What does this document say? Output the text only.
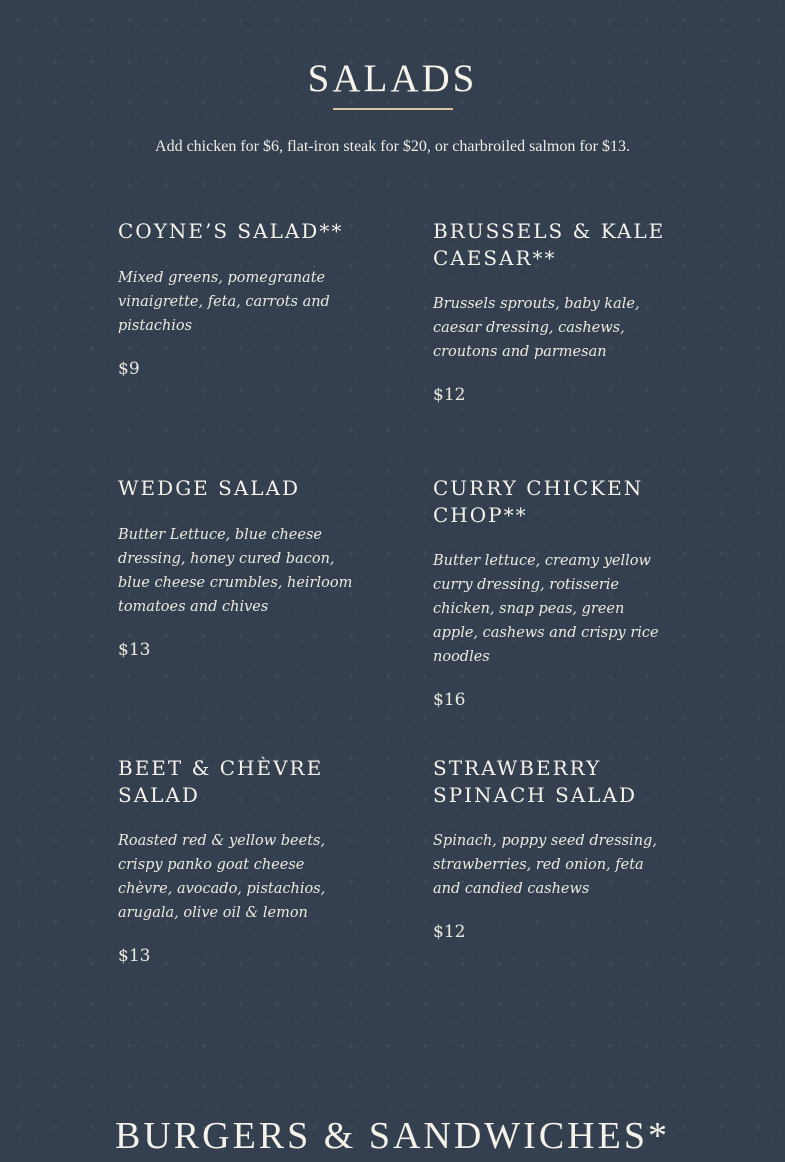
SALADS

Add chicken for $6, flat-iron steak for $20, or charbroiled salmon for $13.

COYNE’S SALAD**

Mixed greens, pomegranate vinaigrette, feta, carrots and pistachios

$9

BRUSSELS & KALE CAESAR**

Brussels sprouts, baby kale, caesar dressing, cashews, croutons and parmesan

$12

WEDGE SALAD

Butter Lettuce, blue cheese dressing, honey cured bacon, blue cheese crumbles, heirloom tomatoes and chives

$13

CURRY CHICKEN CHOP**

Butter lettuce, creamy yellow curry dressing, rotisserie chicken, snap peas, green apple, cashews and crispy rice noodles

$16

BEET & CHÈVRE SALAD

Roasted red & yellow beets, crispy panko goat cheese chèvre, avocado, pistachios, arugala, olive oil & lemon

$13

STRAWBERRY SPINACH SALAD

Spinach, poppy seed dressing, strawberries, red onion, feta and candied cashews

$12

BURGERS & SANDWICHES*
